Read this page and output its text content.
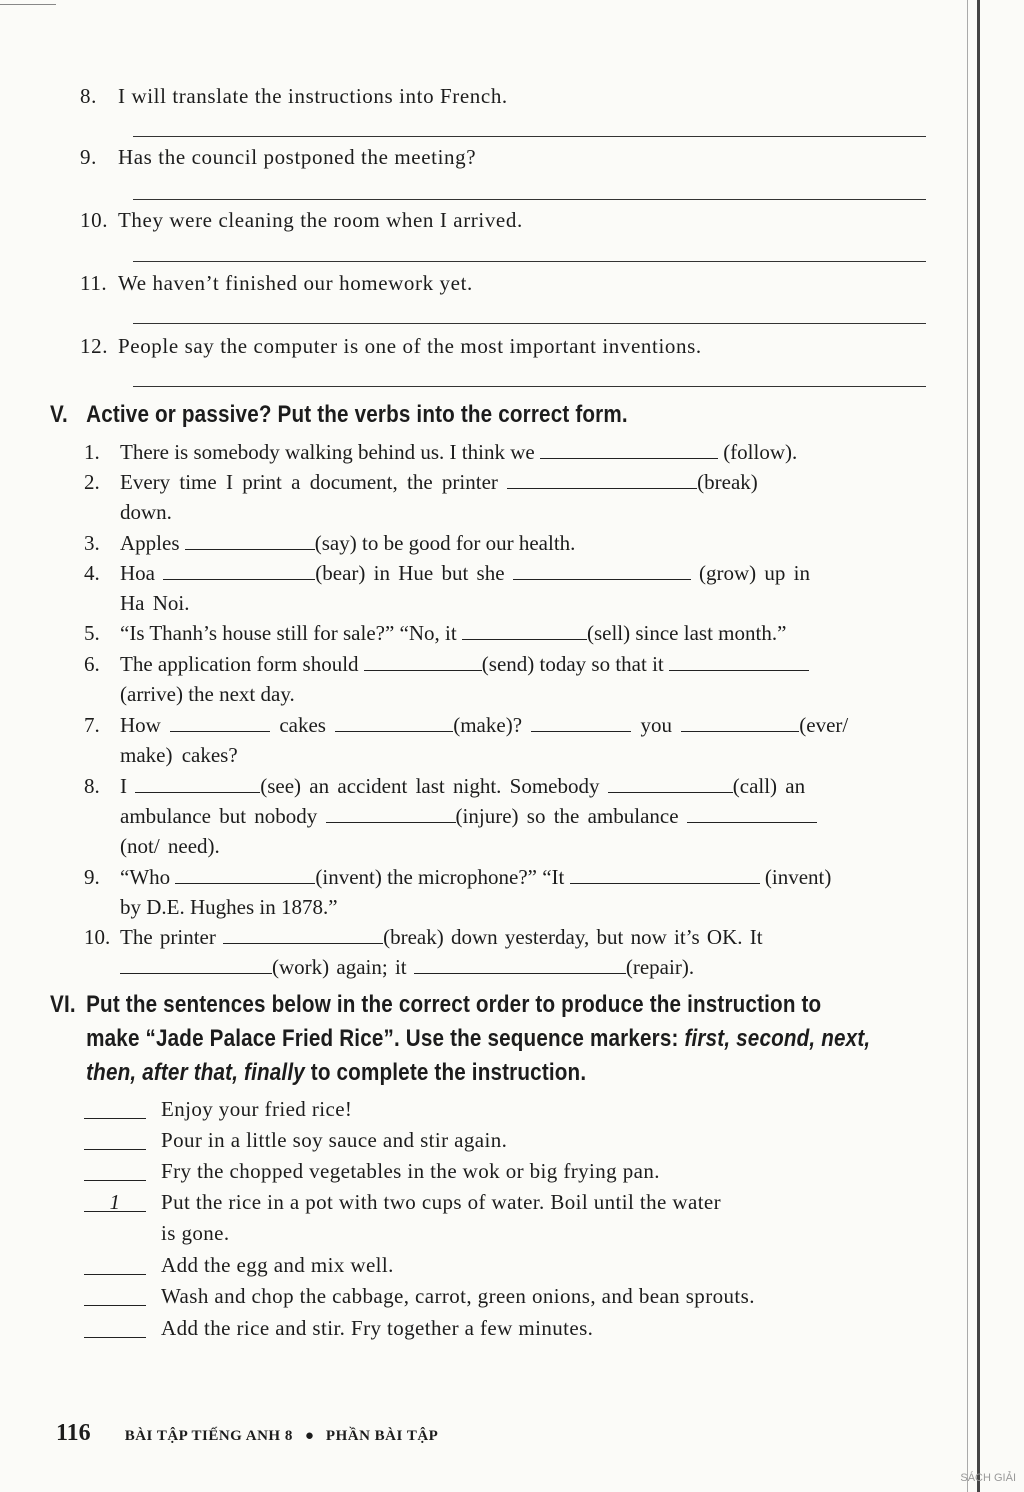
8. I will translate the instructions into French.
9. Has the council postponed the meeting?
10. They were cleaning the room when I arrived.
11. We haven’t finished our homework yet.
12. People say the computer is one of the most important inventions.
V. Active or passive? Put the verbs into the correct form.
1. There is somebody walking behind us. I think we	(follow).
2. Every time I print a document, the printer	(break)
down.
3. Apples	(say) to be good for our health.
4. Hoa	(bear) in Hue but she	(grow) up in
Ha Noi.
5. “Is Thanh’s house still for sale?” “No, it	(sell) since last month.”
6. The application form should	(send) today so that it
(arrive) the next day.
7. How	cakes	(make)?	you	(ever/
make) cakes?
8. I	(see) an accident last night. Somebody	(call) an
ambulance but nobody	(injure) so the ambulance
(not/ need).
9. “Who	(invent) the microphone?” “It	(invent)
by D.E. Hughes in 1878.”
10. The printer	(break) down yesterday, but now it’s OK. It
(work) again; it	(repair).
VI. Put the sentences below in the correct order to produce the instruction to
make “Jade Palace Fried Rice”. Use the sequence markers: first, second, next,
then, after that, finally to complete the instruction.
Enjoy your fried rice!
Pour in a little soy sauce and stir again.
Fry the chopped vegetables in the wok or big frying pan.
1	Put the rice in a pot with two cups of water. Boil until the water
is gone.
Add the egg and mix well.
Wash and chop the cabbage, carrot, green onions, and bean sprouts.
Add the rice and stir. Fry together a few minutes.
116 BÀI TẬP TIẾNG ANH 8 ● PHẦN BÀI TẬP
SÁCH GIẢI
